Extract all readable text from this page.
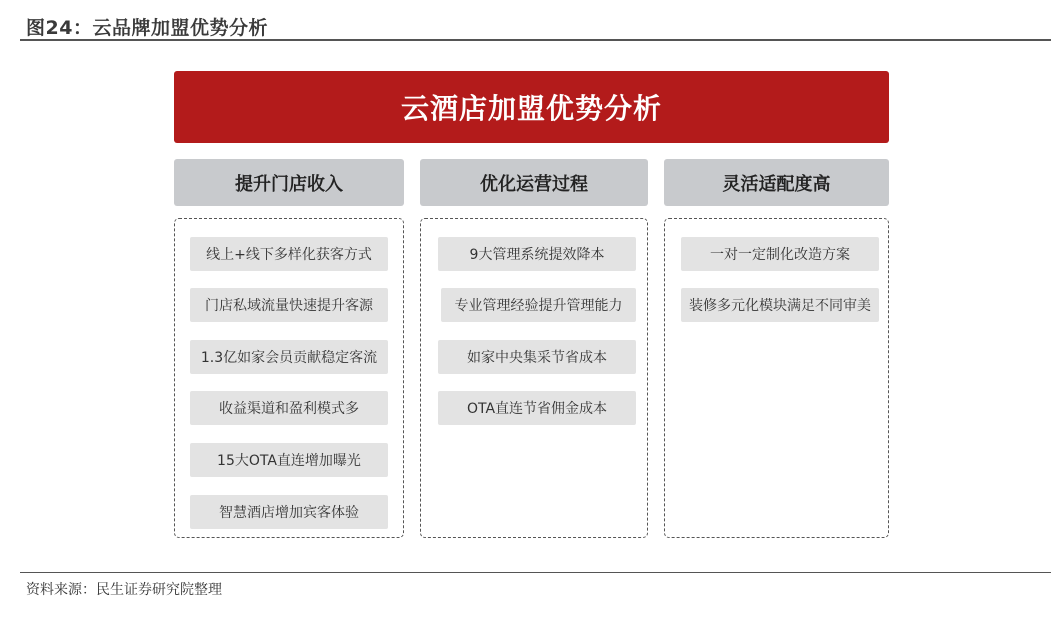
图24：云品牌加盟优势分析
云酒店加盟优势分析
提升门店收入
线上+线下多样化获客方式
门店私域流量快速提升客源
1.3亿如家会员贡献稳定客流
收益渠道和盈利模式多
15大OTA直连增加曝光
智慧酒店增加宾客体验
优化运营过程
9大管理系统提效降本
专业管理经验提升管理能力
如家中央集采节省成本
OTA直连节省佣金成本
灵活适配度高
一对一定制化改造方案
装修多元化模块满足不同审美
资料来源：民生证券研究院整理
